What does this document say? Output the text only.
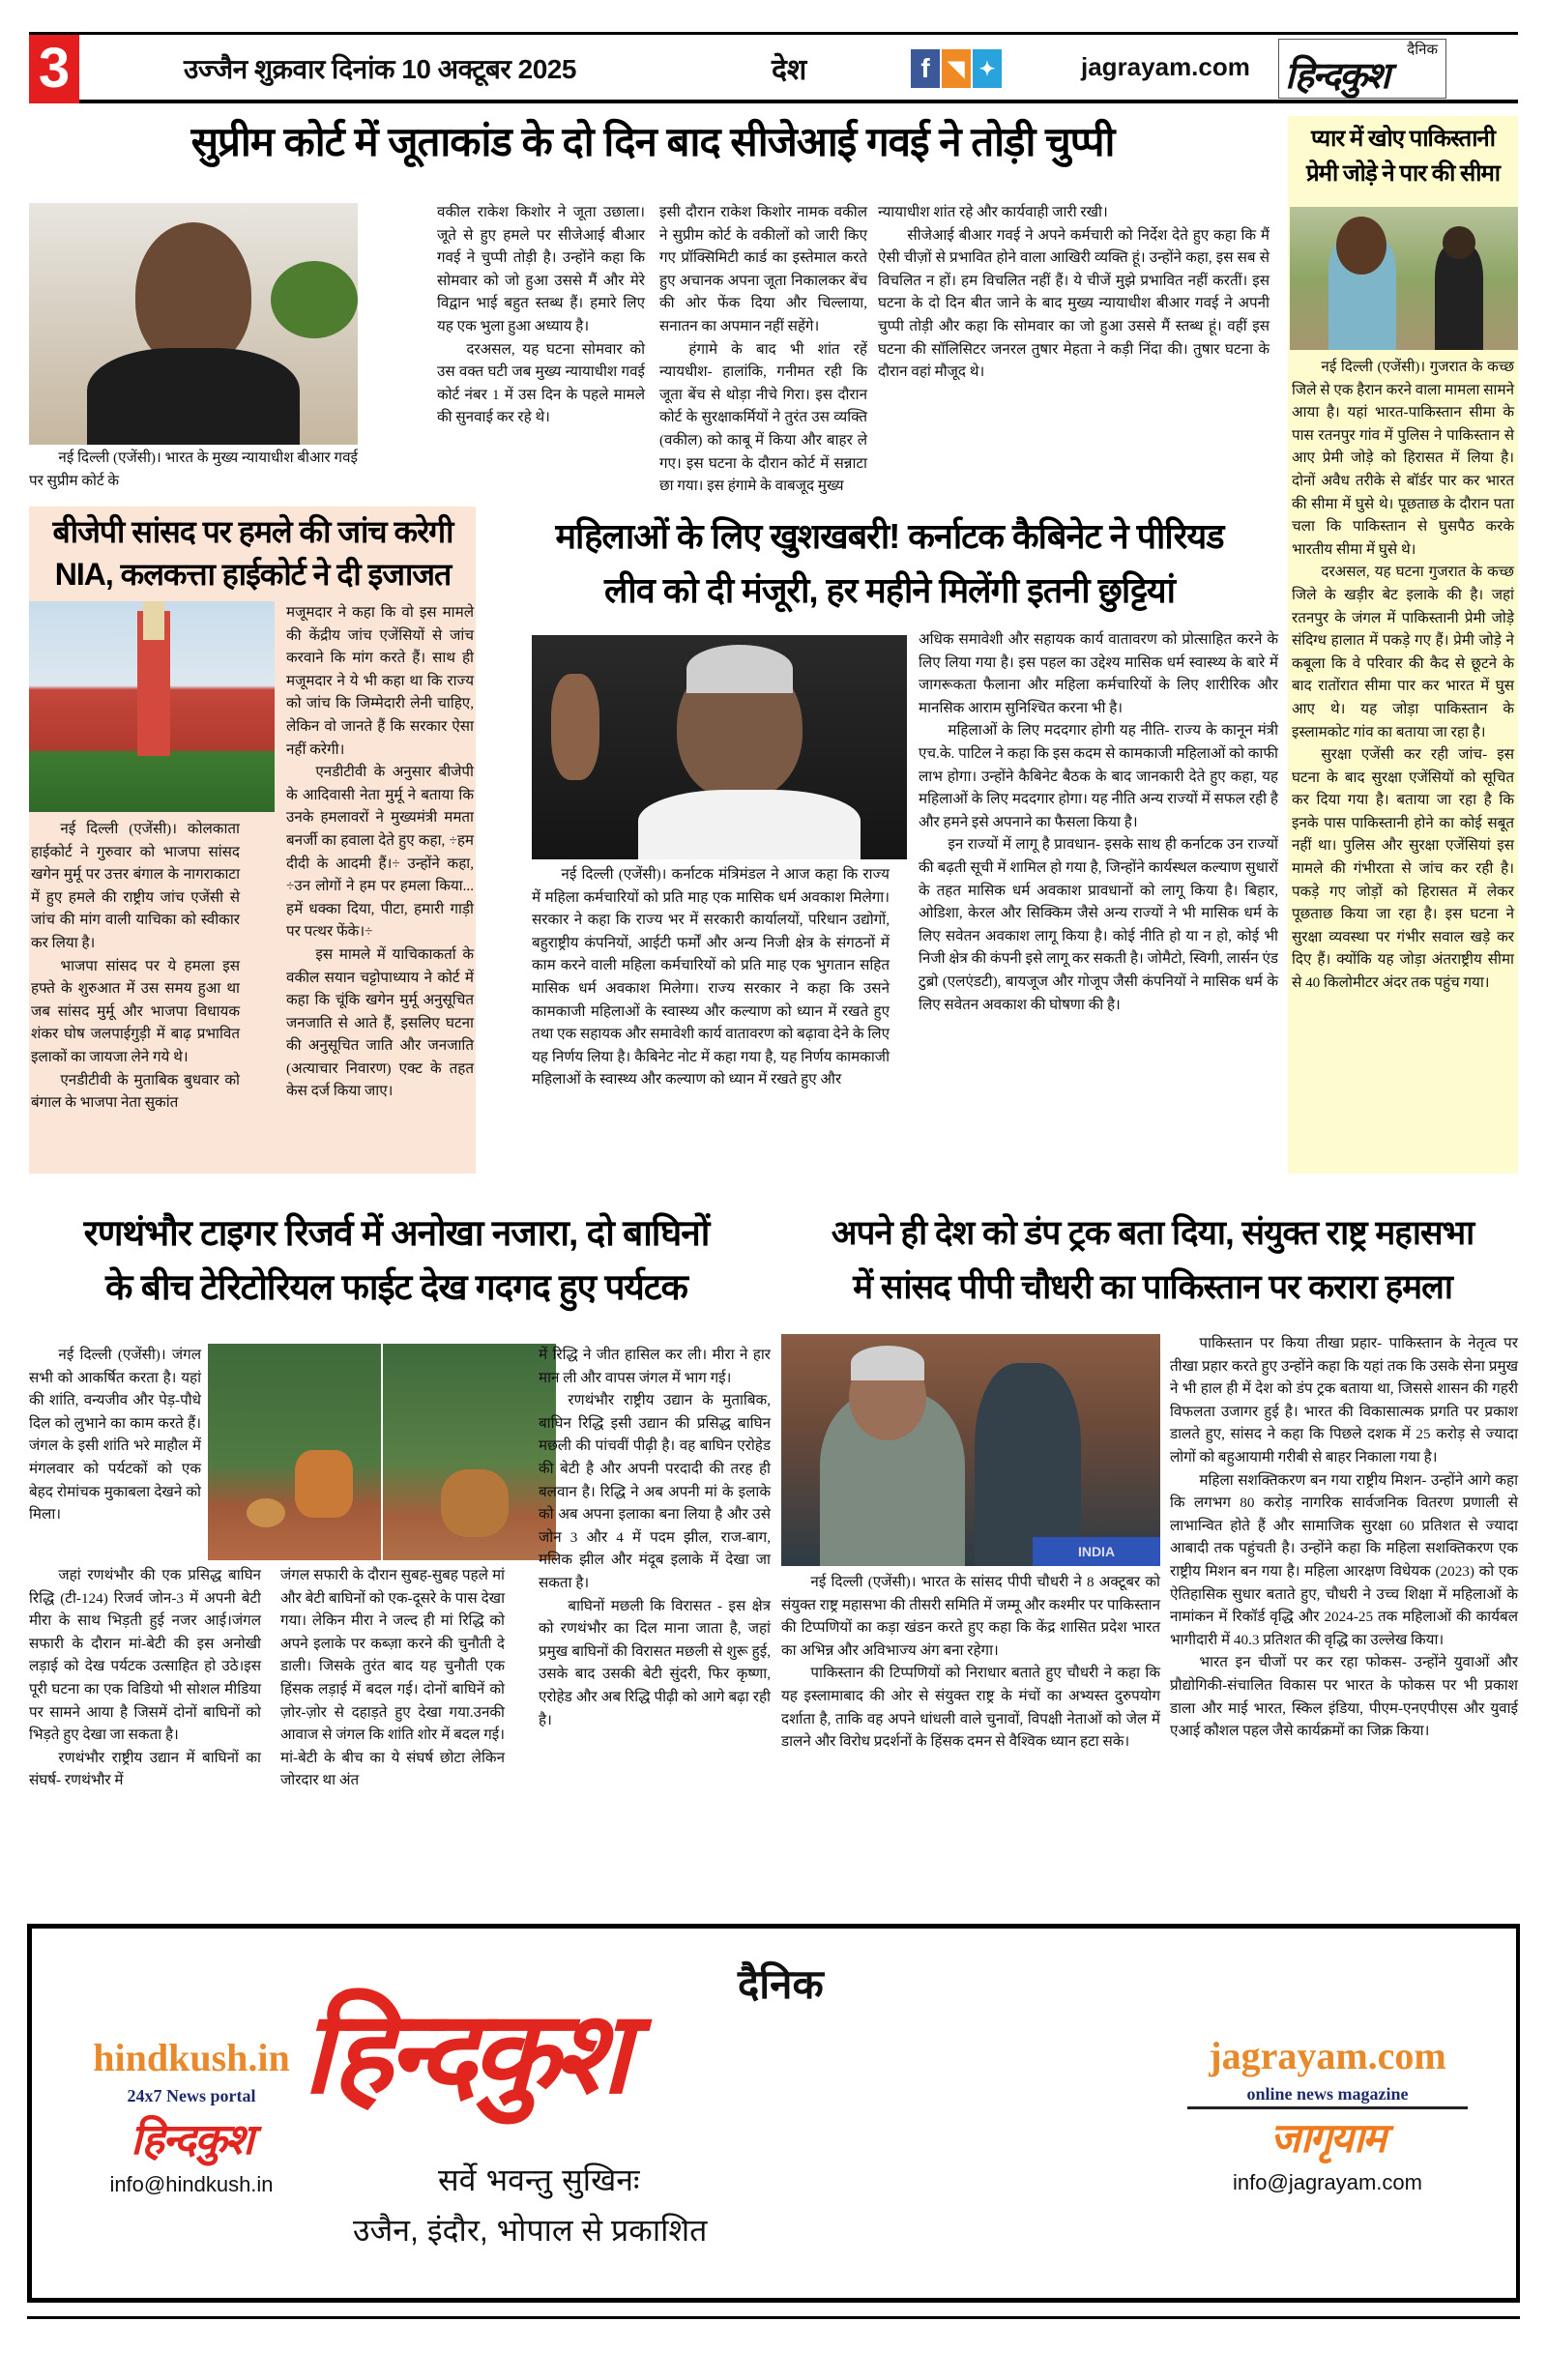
3	उज्जैन शुक्रवार दिनांक 10 अक्टूबर 2025	देश	f ◥ ✦	jagrayam.com
दैनिक
हिन्दकुश
सुप्रीम कोर्ट में जूताकांड के दो दिन बाद सीजेआई गवई ने तोड़ी चुप्पी

नई दिल्ली (एजेंसी)। भारत के मुख्य न्यायाधीश बीआर गवई पर सुप्रीम कोर्ट के

वकील राकेश किशोर ने जूता उछाला। जूते से हुए हमले पर सीजेआई बीआर गवई ने चुप्पी तोड़ी है। उन्होंने कहा कि सोमवार को जो हुआ उससे मैं और मेरे विद्वान भाई बहुत स्तब्ध हैं। हमारे लिए यह एक भुला हुआ अध्याय है।

दरअसल, यह घटना सोमवार को उस वक्त घटी जब मुख्य न्यायाधीश गवई कोर्ट नंबर 1 में उस दिन के पहले मामले की सुनवाई कर रहे थे।

इसी दौरान राकेश किशोर नामक वकील ने सुप्रीम कोर्ट के वकीलों को जारी किए गए प्रॉक्सिमिटी कार्ड का इस्तेमाल करते हुए अचानक अपना जूता निकालकर बेंच की ओर फेंक दिया और चिल्लाया, सनातन का अपमान नहीं सहेंगे।

हंगामे के बाद भी शांत रहें न्यायधीश- हालांकि, गनीमत रही कि जूता बेंच से थोड़ा नीचे गिरा। इस दौरान कोर्ट के सुरक्षाकर्मियों ने तुरंत उस व्यक्ति (वकील) को काबू में किया और बाहर ले गए। इस घटना के दौरान कोर्ट में सन्नाटा छा गया। इस हंगामे के वाबजूद मुख्य

न्यायाधीश शांत रहे और कार्यवाही जारी रखी।

सीजेआई बीआर गवई ने अपने कर्मचारी को निर्देश देते हुए कहा कि मैं ऐसी चीज़ों से प्रभावित होने वाला आखिरी व्यक्ति हूं। उन्होंने कहा, इस सब से विचलित न हों। हम विचलित नहीं हैं। ये चीजें मुझे प्रभावित नहीं करतीं। इस घटना के दो दिन बीत जाने के बाद मुख्य न्यायाधीश बीआर गवई ने अपनी चुप्पी तोड़ी और कहा कि सोमवार का जो हुआ उससे मैं स्तब्ध हूं। वहीं इस घटना की सॉलिसिटर जनरल तुषार मेहता ने कड़ी निंदा की। तुषार घटना के दौरान वहां मौजूद थे।

बीजेपी सांसद पर हमले की जांच करेगी
NIA, कलकत्ता हाईकोर्ट ने दी इजाजत

नई दिल्ली (एजेंसी)। कोलकाता हाईकोर्ट ने गुरुवार को भाजपा सांसद खगेन मुर्मू पर उत्तर बंगाल के नागराकाटा में हुए हमले की राष्ट्रीय जांच एजेंसी से जांच की मांग वाली याचिका को स्वीकार कर लिया है।

भाजपा सांसद पर ये हमला इस हफ्ते के शुरुआत में उस समय हुआ था जब सांसद मुर्मू और भाजपा विधायक शंकर घोष जलपाईगुड़ी में बाढ़ प्रभावित इलाकों का जायजा लेने गये थे।

एनडीटीवी के मुताबिक बुधवार को बंगाल के भाजपा नेता सुकांत

मजूमदार ने कहा कि वो इस मामले की केंद्रीय जांच एजेंसियों से जांच करवाने कि मांग करते हैं। साथ ही मजूमदार ने ये भी कहा था कि राज्य को जांच कि जिम्मेदारी लेनी चाहिए, लेकिन वो जानते हैं कि सरकार ऐसा नहीं करेगी।

एनडीटीवी के अनुसार बीजेपी के आदिवासी नेता मुर्मू ने बताया कि उनके हमलावरों ने मुख्यमंत्री ममता बनर्जी का हवाला देते हुए कहा, ÷हम दीदी के आदमी हैं।÷ उन्होंने कहा, ÷उन लोगों ने हम पर हमला किया... हमें धक्का दिया, पीटा, हमारी गाड़ी पर पत्थर फेंके।÷

इस मामले में याचिकाकर्ता के वकील सयान चट्टोपाध्याय ने कोर्ट में कहा कि चूंकि खगेन मुर्मू अनुसूचित जनजाति से आते हैं, इसलिए घटना की अनुसूचित जाति और जनजाति (अत्याचार निवारण) एक्ट के तहत केस दर्ज किया जाए।

महिलाओं के लिए खुशखबरी! कर्नाटक कैबिनेट ने पीरियड
लीव को दी मंजूरी, हर महीने मिलेंगी इतनी छुट्टियां

नई दिल्ली (एजेंसी)। कर्नाटक मंत्रिमंडल ने आज कहा कि राज्य में महिला कर्मचारियों को प्रति माह एक मासिक धर्म अवकाश मिलेगा। सरकार ने कहा कि राज्य भर में सरकारी कार्यालयों, परिधान उद्योगों, बहुराष्ट्रीय कंपनियों, आईटी फर्मों और अन्य निजी क्षेत्र के संगठनों में काम करने वाली महिला कर्मचारियों को प्रति माह एक भुगतान सहित मासिक धर्म अवकाश मिलेगा। राज्य सरकार ने कहा कि उसने कामकाजी महिलाओं के स्वास्थ्य और कल्याण को ध्यान में रखते हुए तथा एक सहायक और समावेशी कार्य वातावरण को बढ़ावा देने के लिए यह निर्णय लिया है। कैबिनेट नोट में कहा गया है, यह निर्णय कामकाजी महिलाओं के स्वास्थ्य और कल्याण को ध्यान में रखते हुए और

अधिक समावेशी और सहायक कार्य वातावरण को प्रोत्साहित करने के लिए लिया गया है। इस पहल का उद्देश्य मासिक धर्म स्वास्थ्य के बारे में जागरूकता फैलाना और महिला कर्मचारियों के लिए शारीरिक और मानसिक आराम सुनिश्चित करना भी है।

महिलाओं के लिए मददगार होगी यह नीति- राज्य के कानून मंत्री एच.के. पाटिल ने कहा कि इस कदम से कामकाजी महिलाओं को काफी लाभ होगा। उन्होंने कैबिनेट बैठक के बाद जानकारी देते हुए कहा, यह महिलाओं के लिए मददगार होगा। यह नीति अन्य राज्यों में सफल रही है और हमने इसे अपनाने का फैसला किया है।

इन राज्यों में लागू है प्रावधान- इसके साथ ही कर्नाटक उन राज्यों की बढ़ती सूची में शामिल हो गया है, जिन्होंने कार्यस्थल कल्याण सुधारों के तहत मासिक धर्म अवकाश प्रावधानों को लागू किया है। बिहार, ओडिशा, केरल और सिक्किम जैसे अन्य राज्यों ने भी मासिक धर्म के लिए सवेतन अवकाश लागू किया है। कोई नीति हो या न हो, कोई भी निजी क्षेत्र की कंपनी इसे लागू कर सकती है। जोमैटो, स्विगी, लार्सन एंड टुब्रो (एलएंडटी), बायजूज और गोजूप जैसी कंपनियों ने मासिक धर्म के लिए सवेतन अवकाश की घोषणा की है।

प्यार में खोए पाकिस्तानी
प्रेमी जोड़े ने पार की सीमा

नई दिल्ली (एजेंसी)। गुजरात के कच्छ जिले से एक हैरान करने वाला मामला सामने आया है। यहां भारत-पाकिस्तान सीमा के पास रतनपुर गांव में पुलिस ने पाकिस्तान से आए प्रेमी जोड़े को हिरासत में लिया है। दोनों अवैध तरीके से बॉर्डर पार कर भारत की सीमा में घुसे थे। पूछताछ के दौरान पता चला कि पाकिस्तान से घुसपैठ करके भारतीय सीमा में घुसे थे।

दरअसल, यह घटना गुजरात के कच्छ जिले के खड़ीर बेट इलाके की है। जहां रतनपुर के जंगल में पाकिस्तानी प्रेमी जोड़े संदिग्ध हालात में पकड़े गए हैं। प्रेमी जोड़े ने कबूला कि वे परिवार की कैद से छूटने के बाद रातोंरात सीमा पार कर भारत में घुस आए थे। यह जोड़ा पाकिस्तान के इस्लामकोट गांव का बताया जा रहा है।

सुरक्षा एजेंसी कर रही जांच- इस घटना के बाद सुरक्षा एजेंसियों को सूचित कर दिया गया है। बताया जा रहा है कि इनके पास पाकिस्तानी होने का कोई सबूत नहीं था। पुलिस और सुरक्षा एजेंसियां इस मामले की गंभीरता से जांच कर रही है। पकड़े गए जोड़ों को हिरासत में लेकर पूछताछ किया जा रहा है। इस घटना ने सुरक्षा व्यवस्था पर गंभीर सवाल खड़े कर दिए हैं। क्योंकि यह जोड़ा अंतराष्ट्रीय सीमा से 40 किलोमीटर अंदर तक पहुंच गया।

रणथंभौर टाइगर रिजर्व में अनोखा नजारा, दो बाघिनों
के बीच टेरिटोरियल फाईट देख गदगद हुए पर्यटक

नई दिल्ली (एजेंसी)। जंगल सभी को आकर्षित करता है। यहां की शांति, वन्यजीव और पेड़-पौधे दिल को लुभाने का काम करते हैं।जंगल के इसी शांति भरे माहौल में मंगलवार को पर्यटकों को एक बेहद रोमांचक मुकाबला देखने को मिला।

जहां रणथंभौर की एक प्रसिद्ध बाघिन रिद्धि (टी-124) रिजर्व जोन-3 में अपनी बेटी मीरा के साथ भिड़ती हुई नजर आई।जंगल सफारी के दौरान मां-बेटी की इस अनोखी लड़ाई को देख पर्यटक उत्साहित हो उठे।इस पूरी घटना का एक विडियो भी सोशल मीडिया पर सामने आया है जिसमें दोनों बाघिनों को भिड़ते हुए देखा जा सकता है।

रणथंभौर राष्ट्रीय उद्यान में बाघिनों का संघर्ष- रणथंभौर में

जंगल सफारी के दौरान सुबह-सुबह पहले मां और बेटी बाघिनों को एक-दूसरे के पास देखा गया। लेकिन मीरा ने जल्द ही मां रिद्धि को अपने इलाके पर कब्ज़ा करने की चुनौती दे डाली। जिसके तुरंत बाद यह चुनौती एक हिंसक लड़ाई में बदल गई। दोनों बाघिनें को ज़ोर-ज़ोर से दहाड़ते हुए देखा गया.उनकी आवाज से जंगल कि शांति शोर में बदल गई। मां-बेटी के बीच का ये संघर्ष छोटा लेकिन जोरदार था अंत

में रिद्धि ने जीत हासिल कर ली। मीरा ने हार मान ली और वापस जंगल में भाग गई।

रणथंभौर राष्ट्रीय उद्यान के मुताबिक, बाघिन रिद्धि इसी उद्यान की प्रसिद्ध बाघिन मछली की पांचवीं पीढ़ी है। वह बाघिन एरोहेड की बेटी है और अपनी परदादी की तरह ही बलवान है। रिद्धि ने अब अपनी मां के इलाके को अब अपना इलाका बना लिया है और उसे जोन 3 और 4 में पदम झील, राज-बाग, मलिक झील और मंदूब इलाके में देखा जा सकता है।

बाघिनों मछली कि विरासत - इस क्षेत्र को रणथंभौर का दिल माना जाता है, जहां प्रमुख बाघिनों की विरासत मछली से शुरू हुई, उसके बाद उसकी बेटी सुंदरी, फिर कृष्णा, एरोहेड और अब रिद्धि पीढ़ी को आगे बढ़ा रही है।

अपने ही देश को डंप ट्रक बता दिया, संयुक्त राष्ट्र महासभा
में सांसद पीपी चौधरी का पाकिस्तान पर करारा हमला
INDIA

नई दिल्ली (एजेंसी)। भारत के सांसद पीपी चौधरी ने 8 अक्टूबर को संयुक्त राष्ट्र महासभा की तीसरी समिति में जम्मू और कश्मीर पर पाकिस्तान की टिप्पणियों का कड़ा खंडन करते हुए कहा कि केंद्र शासित प्रदेश भारत का अभिन्न और अविभाज्य अंग बना रहेगा।

पाकिस्तान की टिप्पणियों को निराधार बताते हुए चौधरी ने कहा कि यह इस्लामाबाद की ओर से संयुक्त राष्ट्र के मंचों का अभ्यस्त दुरुपयोग दर्शाता है, ताकि वह अपने धांधली वाले चुनावों, विपक्षी नेताओं को जेल में डालने और विरोध प्रदर्शनों के हिंसक दमन से वैश्विक ध्यान हटा सके।

पाकिस्तान पर किया तीखा प्रहार- पाकिस्तान के नेतृत्व पर तीखा प्रहार करते हुए उन्होंने कहा कि यहां तक कि उसके सेना प्रमुख ने भी हाल ही में देश को डंप ट्रक बताया था, जिससे शासन की गहरी विफलता उजागर हुई है। भारत की विकासात्मक प्रगति पर प्रकाश डालते हुए, सांसद ने कहा कि पिछले दशक में 25 करोड़ से ज्यादा लोगों को बहुआयामी गरीबी से बाहर निकाला गया है।

महिला सशक्तिकरण बन गया राष्ट्रीय मिशन- उन्होंने आगे कहा कि लगभग 80 करोड़ नागरिक सार्वजनिक वितरण प्रणाली से लाभान्वित होते हैं और सामाजिक सुरक्षा 60 प्रतिशत से ज्यादा आबादी तक पहुंचती है। उन्होंने कहा कि महिला सशक्तिकरण एक राष्ट्रीय मिशन बन गया है। महिला आरक्षण विधेयक (2023) को एक ऐतिहासिक सुधार बताते हुए, चौधरी ने उच्च शिक्षा में महिलाओं के नामांकन में रिकॉर्ड वृद्धि और 2024-25 तक महिलाओं की कार्यबल भागीदारी में 40.3 प्रतिशत की वृद्धि का उल्लेख किया।

भारत इन चीजों पर कर रहा फोकस- उन्होंने युवाओं और प्रौद्योगिकी-संचालित विकास पर भारत के फोकस पर भी प्रकाश डाला और माई भारत, स्किल इंडिया, पीएम-एनएपीएस और युवाई एआई कौशल पहल जैसे कार्यक्रमों का जिक्र किया।

hindkush.in
24x7 News portal
हिन्दकुश
info@hindkush.in
दैनिक
हिन्दकुश
सर्वे भवन्तु सुखिनः
उजैन, इंदौर, भोपाल से प्रकाशित
jagrayam.com
online news magazine
जागृयाम
info@jagrayam.com
